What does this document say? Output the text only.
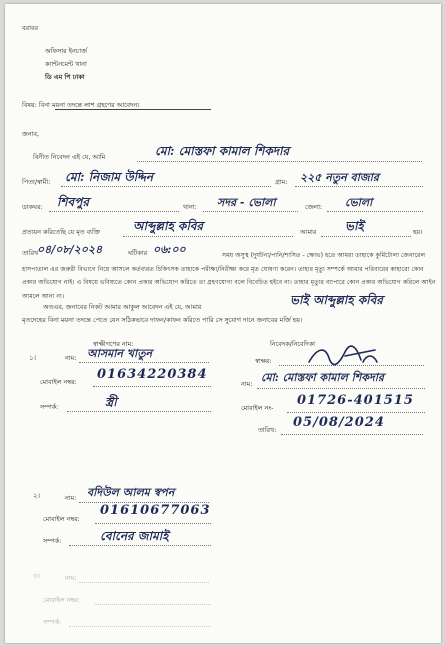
বরাবর
অফিসার ইনচার্জ
ক্যান্টনমেন্ট থানা
ডি এম পি ঢাকা
বিষয়: বিনা ময়না তদন্তে লাশ গ্রহণের আবেদন।
জনাব,
বিনীত নিবেদন এই যে, আমি	মো: মোস্তফা কামাল শিকদার
পিতা/স্বামী: মো: নিজাম উদ্দিন	গ্রাম: ২২৫ নতুন বাজার
ডাকঘর: শিবপুর	থানা: সদর - ভোলা	জেলা: ভোলা
প্রত্যয়ন করিতেছি যে মৃত ব্যক্তি	আব্দুল্লাহ কবির	আমার ভাই	হয়।
তারিখ
০৪/০৮/২০২৪	ঘটিকার ০৬:০০	সময় অসুস্থ (দুর্ঘটনা/পানি/শাসিত - ক্ষোভ) হতে আমরা তাহাকে কুর্মিটোলা জেনারেল হাসপাতাল এর জরুরী বিভাগে নিয়ে আসলে কর্তব্যরত চিকিৎসক তাহাকে পরীক্ষা/নিরীক্ষা করে মৃত ঘোষণা করেন। তাহার মৃত্যু সম্পর্কে আমার পরিবারের কাহারো কোন প্রকার অভিযোগ নাই। এ বিষয়ে ভবিষ্যতে কোন প্রকার অভিযোগ করিতে তা গ্রহণযোগ্য বলে বিবেচিত হইবে না। তাহার মৃত্যুর ব্যাপারে কোন প্রকার অভিযোগ করিলে আইন আমলে আনা না।
অতএব, জনাবের নিকট আমার আকুল আবেদন এই যে, আমার	ভাই আব্দুল্লাহ কবির
মৃতদেহের বিনা ময়না তদন্তে পেতে যেন সঠিকভাবে দাফন/কাফন করিতে পারি সে সুযোগ দানে জনাবের মর্জি হয়।
স্বাক্ষীগণের নাম:	নিবেদক/নিবেদিকা
১।	নাম: আসমান খাতুন
মোবাইল নম্বর: 01634220384
সম্পর্ক:	স্ত্রী
স্বাক্ষর:
নাম: মো: মোস্তফা কামাল শিকদার
মোবাইল নং- 01726-401515
তারিখ: 05/08/2024
২।	নাম: বদিউল আলম স্বপন
মোবাইল নম্বর:
01610677063
সম্পর্ক:	বোনের জামাই
৩।	নাম:
মোবাইল নম্বর:
সম্পর্ক:
